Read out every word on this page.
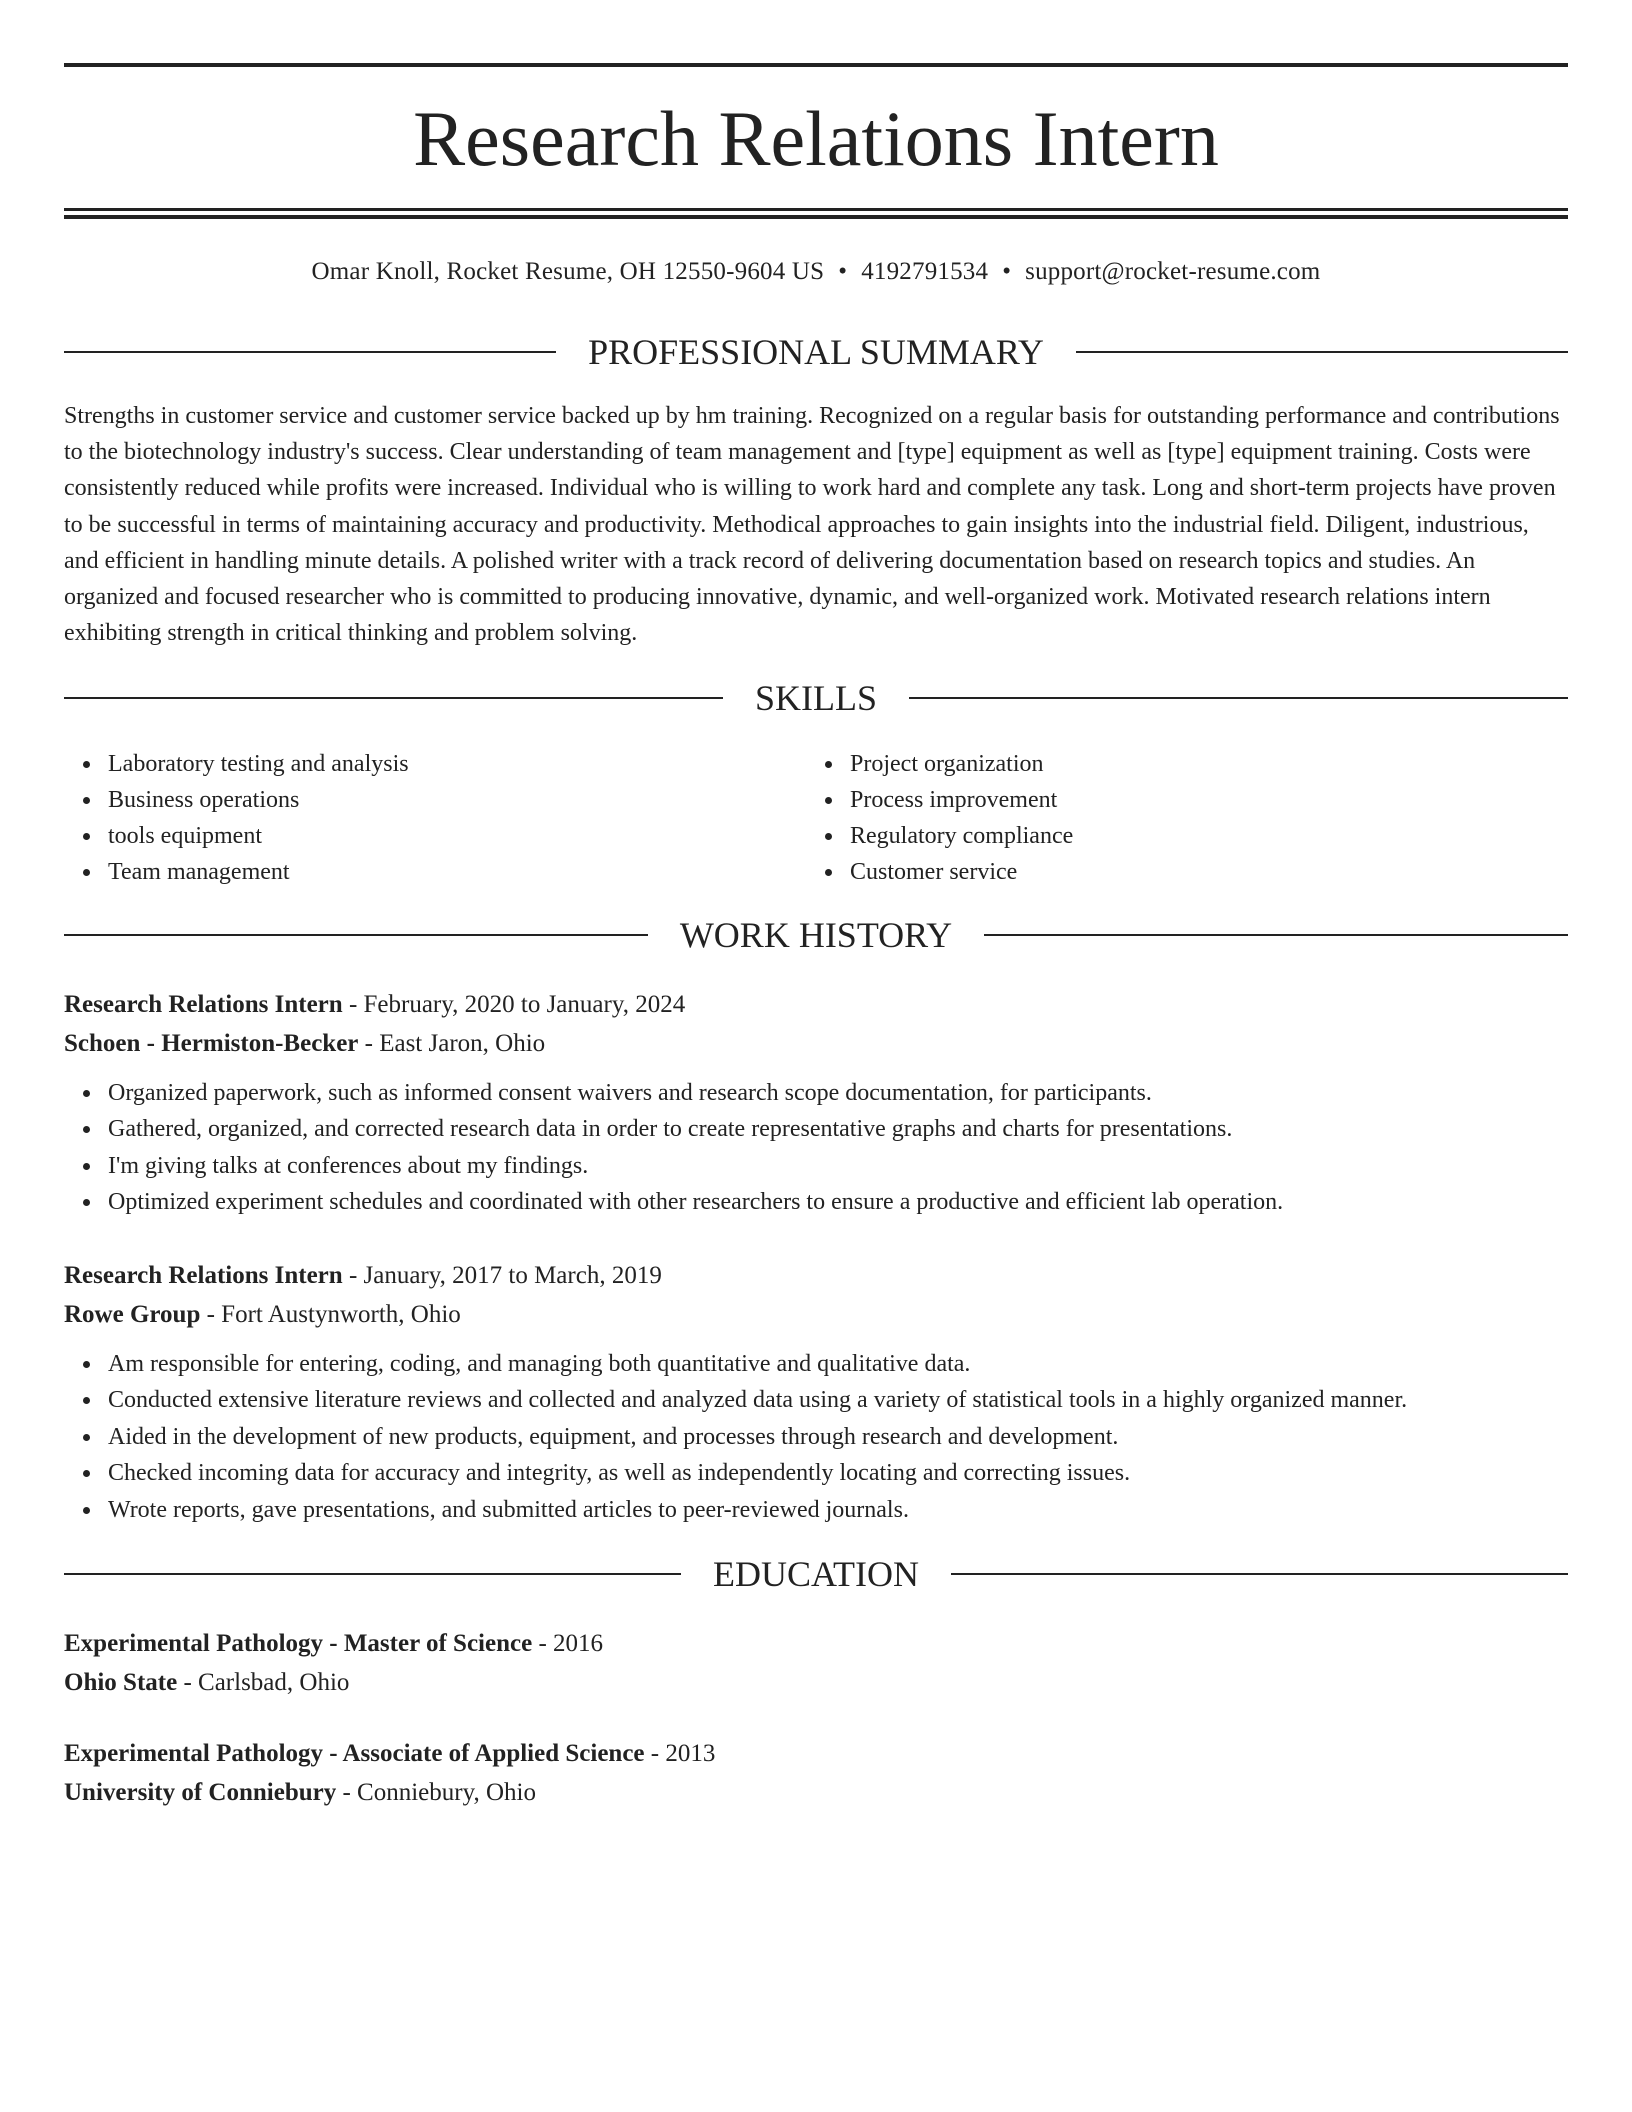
Research Relations Intern
Omar Knoll, Rocket Resume, OH 12550-9604 US • 4192791534 • support@rocket-resume.com
PROFESSIONAL SUMMARY
Strengths in customer service and customer service backed up by hm training. Recognized on a regular basis for outstanding performance and contributions to the biotechnology industry's success. Clear understanding of team management and [type] equipment as well as [type] equipment training. Costs were consistently reduced while profits were increased. Individual who is willing to work hard and complete any task. Long and short-term projects have proven to be successful in terms of maintaining accuracy and productivity. Methodical approaches to gain insights into the industrial field. Diligent, industrious, and efficient in handling minute details. A polished writer with a track record of delivering documentation based on research topics and studies. An organized and focused researcher who is committed to producing innovative, dynamic, and well-organized work. Motivated research relations intern exhibiting strength in critical thinking and problem solving.
SKILLS
Laboratory testing and analysis
Business operations
tools equipment
Team management
Project organization
Process improvement
Regulatory compliance
Customer service
WORK HISTORY
Research Relations Intern - February, 2020 to January, 2024
Schoen - Hermiston-Becker - East Jaron, Ohio
Organized paperwork, such as informed consent waivers and research scope documentation, for participants.
Gathered, organized, and corrected research data in order to create representative graphs and charts for presentations.
I'm giving talks at conferences about my findings.
Optimized experiment schedules and coordinated with other researchers to ensure a productive and efficient lab operation.
Research Relations Intern - January, 2017 to March, 2019
Rowe Group - Fort Austynworth, Ohio
Am responsible for entering, coding, and managing both quantitative and qualitative data.
Conducted extensive literature reviews and collected and analyzed data using a variety of statistical tools in a highly organized manner.
Aided in the development of new products, equipment, and processes through research and development.
Checked incoming data for accuracy and integrity, as well as independently locating and correcting issues.
Wrote reports, gave presentations, and submitted articles to peer-reviewed journals.
EDUCATION
Experimental Pathology - Master of Science - 2016
Ohio State - Carlsbad, Ohio
Experimental Pathology - Associate of Applied Science - 2013
University of Conniebury - Conniebury, Ohio
